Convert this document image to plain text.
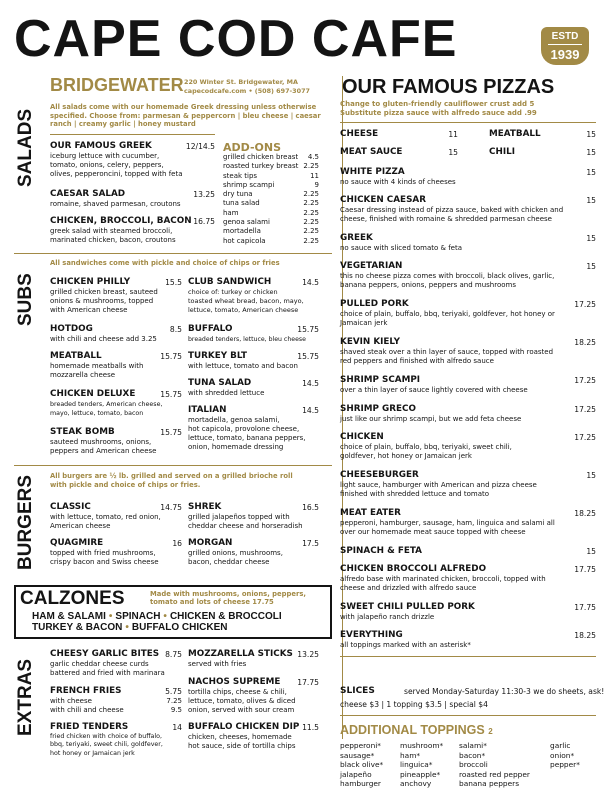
CAPE COD CAFE	ESTD
1939
BRIDGEWATER 220 Winter St. Bridgewater, MA
capecodcafe.com • (508) 697-3077
SALADS
SUBS
BURGERS
EXTRAS
All salads come with our homemade Greek dressing unless otherwise
specified. Choose from: parmesan & peppercorn | bleu cheese | caesar
ranch | creamy garlic | honey mustard
OUR FAMOUS GREEK	12/14.5
iceburg lettuce with cucumber,
tomato, onions, celery, peppers,
olives, pepperoncini, topped with feta
CAESAR SALAD	13.25
romaine, shaved parmesan, croutons
CHICKEN, BROCCOLI, BACON 16.75
greek salad with steamed broccoli,
marinated chicken, bacon, croutons
ADD-ONS
grilled chicken breast 4.5
roasted turkey breast 2.25
steak tips	11
shrimp scampi	9
dry tuna	2.25
tuna salad	2.25
ham	2.25
genoa salami	2.25
mortadella	2.25
hot capicola	2.25
All sandwiches come with pickle and choice of chips or fries
CHICKEN PHILLY	15.5
grilled chicken breast, sauteed
onions & mushrooms, topped
with American cheese
HOTDOG	8.5
with chili and cheese add 3.25
MEATBALL	15.75
homemade meatballs with
mozzarella cheese
CHICKEN DELUXE	15.75
breaded tenders, American cheese,
mayo, lettuce, tomato, bacon
STEAK BOMB	15.75
sauteed mushrooms, onions,
peppers and American cheese
CLUB SANDWICH	14.5
choice of: turkey or chicken
toasted wheat bread, bacon, mayo,
lettuce, tomato, American cheese
BUFFALO	15.75
breaded tenders, lettuce, bleu cheese
TURKEY BLT	15.75
with lettuce, tomato and bacon
TUNA SALAD	14.5
with shredded lettuce
ITALIAN	14.5
mortadella, genoa salami,
hot capicola, provolone cheese,
lettuce, tomato, banana peppers,
onion, homemade dressing
All burgers are ½ lb. grilled and served on a grilled brioche roll
with pickle and choice of chips or fries.
CLASSIC	14.75
with lettuce, tomato, red onion,
American cheese
SHREK	16.5
grilled jalapeños topped with
cheddar cheese and horseradish
QUAGMIRE	16
topped with fried mushrooms,
crispy bacon and Swiss cheese
MORGAN	17.5
grilled onions, mushrooms,
bacon, cheddar cheese
CALZONES	Made with mushrooms, onions, peppers,
tomato and lots of cheese 17.75
HAM & SALAMI • SPINACH • CHICKEN & BROCCOLI
TURKEY & BACON • BUFFALO CHICKEN
CHEESY GARLIC BITES 8.75
garlic cheddar cheese curds
battered and fried with marinara
FRENCH FRIES	5.75
with cheese	7.25
with chili and cheese	9.5
FRIED TENDERS	14
fried chicken with choice of buffalo,
bbq, teriyaki, sweet chili, goldfever,
hot honey or Jamaican jerk
MOZZARELLA STICKS 13.25
served with fries
NACHOS SUPREME	17.75
tortilla chips, cheese & chili,
lettuce, tomato, olives & diced
onion, served with sour cream
BUFFALO CHICKEN DIP 11.5
chicken, cheeses, homemade
hot sauce, side of tortilla chips
OUR FAMOUS PIZZAS
Change to gluten-friendly cauliflower crust add 5
Substitute pizza sauce with alfredo sauce add .99
CHEESE	11	MEATBALL	15
MEAT SAUCE	15	CHILI	15
WHITE PIZZA	15
no sauce with 4 kinds of cheeses
CHICKEN CAESAR	15
Caesar dressing instead of pizza sauce, baked with chicken and
cheese, finished with romaine & shredded parmesan cheese
GREEK	15
no sauce with sliced tomato & feta
VEGETARIAN	15
this no cheese pizza comes with broccoli, black olives, garlic,
banana peppers, onions, peppers and mushrooms
PULLED PORK	17.25
choice of plain, buffalo, bbq, teriyaki, goldfever, hot honey or
Jamaican jerk
KEVIN KIELY	18.25
shaved steak over a thin layer of sauce, topped with roasted
red peppers and finished with alfredo sauce
SHRIMP SCAMPI	17.25
over a thin layer of sauce lightly covered with cheese
SHRIMP GRECO	17.25
just like our shrimp scampi, but we add feta cheese
CHICKEN	17.25
choice of plain, buffalo, bbq, teriyaki, sweet chili,
goldfever, hot honey or Jamaican jerk
CHEESEBURGER	15
light sauce, hamburger with American and pizza cheese
finished with shredded lettuce and tomato
MEAT EATER	18.25
pepperoni, hamburger, sausage, ham, linguica and salami all
over our homemade meat sauce topped with cheese
SPINACH & FETA	15
CHICKEN BROCCOLI ALFREDO	17.75
alfredo base with marinated chicken, broccoli, topped with
cheese and drizzled with alfredo sauce
SWEET CHILI PULLED PORK	17.75
with jalapeño ranch drizzle
EVERYTHING	18.25
all toppings marked with an asterisk*
SLICES	served Monday-Saturday 11:30-3 we do sheets, ask!
cheese $3 | 1 topping $3.5 | special $4
ADDITIONAL TOPPINGS 2
pepperoni*
sausage*
black olive*
jalapeño
hamburger
mushroom*
ham*
linguica*
pineapple*
anchovy
salami*
bacon*
broccoli
roasted red pepper
banana peppers
garlic
onion*
pepper*
